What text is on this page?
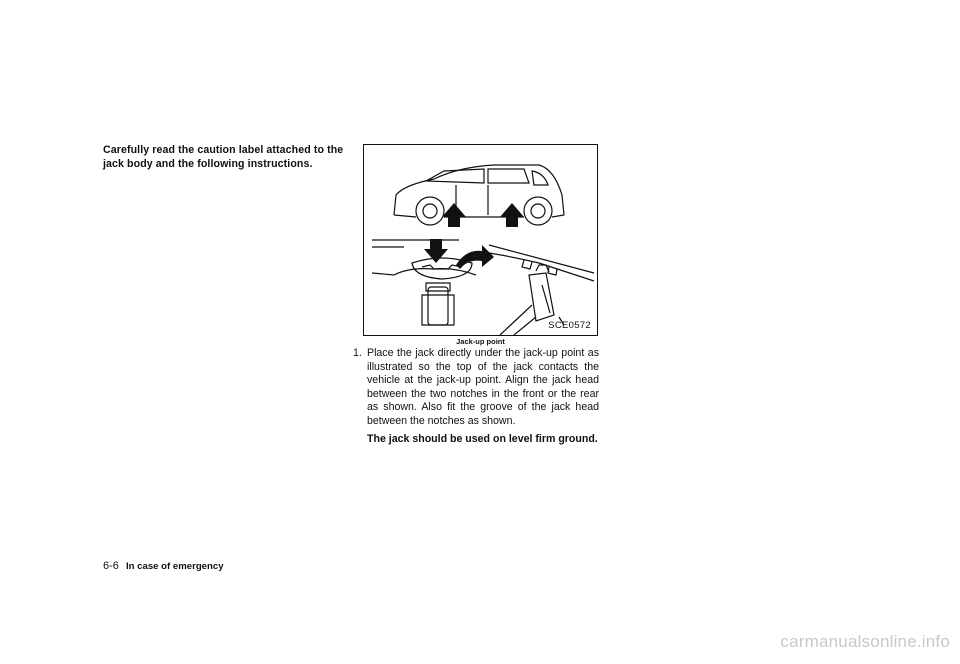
Carefully read the caution label attached to the jack body and the following instructions.
SCE0572
Jack-up point
1. Place the jack directly under the jack-up point as illustrated so the top of the jack contacts the vehicle at the jack-up point. Align the jack head between the two notches in the front or the rear as shown. Also fit the groove of the jack head between the notches as shown.
The jack should be used on level firm ground.
6-6 In case of emergency
carmanualsonline.info
